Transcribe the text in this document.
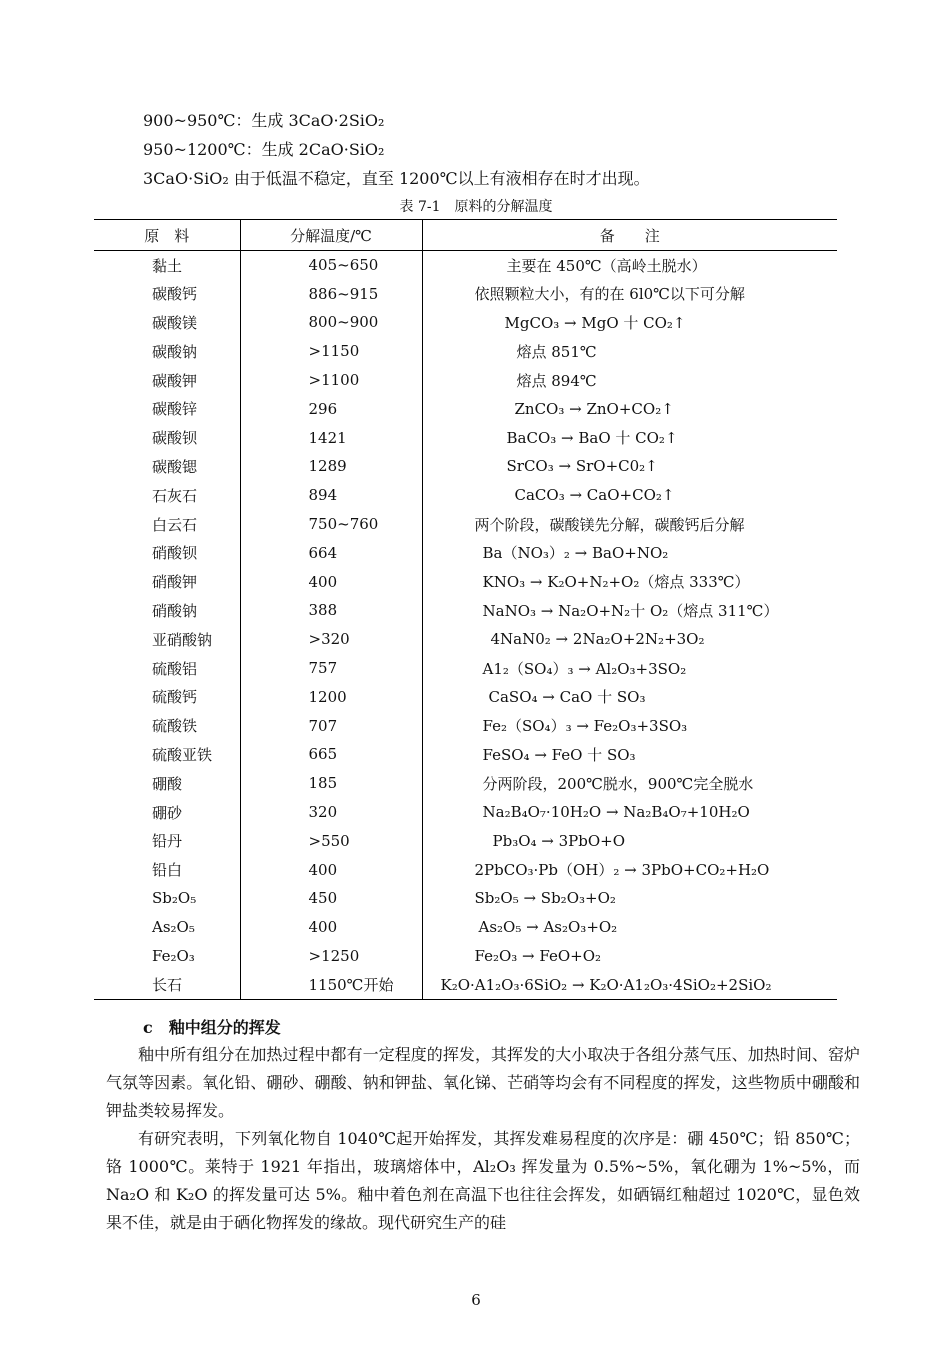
900~950℃：生成 3CaO·2SiO₂
950~1200℃：生成 2CaO·SiO₂
3CaO·SiO₂ 由于低温不稳定，直至 1200℃以上有液相存在时才出现。
表 7-1　原料的分解温度
原　料	分解温度/℃	备　　注
黏土	405~650	主要在 450℃（高岭土脱水）
碳酸钙	886~915	依照颗粒大小，有的在 6l0℃以下可分解
碳酸镁	800~900	MgCO₃ → MgO 十 CO₂↑
碳酸钠	>1150	熔点 851℃
碳酸钾	>1100	熔点 894℃
碳酸锌	296	ZnCO₃ → ZnO+CO₂↑
碳酸钡	1421	BaCO₃ → BaO 十 CO₂↑
碳酸锶	1289	SrCO₃ → SrO+C0₂↑
石灰石	894	CaCO₃ → CaO+CO₂↑
白云石	750~760	两个阶段，碳酸镁先分解，碳酸钙后分解
硝酸钡	664	Ba（NO₃）₂ → BaO+NO₂
硝酸钾	400	KNO₃ → K₂O+N₂+O₂（熔点 333℃）
硝酸钠	388	NaNO₃ → Na₂O+N₂十 O₂（熔点 311℃）
亚硝酸钠	>320	4NaN0₂ → 2Na₂O+2N₂+3O₂
硫酸铝	757	A1₂（SO₄）₃ → Al₂O₃+3SO₂
硫酸钙	1200	CaSO₄ → CaO 十 SO₃
硫酸铁	707	Fe₂（SO₄）₃ → Fe₂O₃+3SO₃
硫酸亚铁	665	FeSO₄ → FeO 十 SO₃
硼酸	185	分两阶段，200℃脱水，900℃完全脱水
硼砂	320	Na₂B₄O₇·10H₂O → Na₂B₄O₇+10H₂O
铅丹	>550	Pb₃O₄ → 3PbO+O
铅白	400	2PbCO₃·Pb（OH）₂ → 3PbO+CO₂+H₂O
Sb₂O₅	450	Sb₂O₅ → Sb₂O₃+O₂
As₂O₅	400	As₂O₅ → As₂O₃+O₂
Fe₂O₃	>1250	Fe₂O₃ → FeO+O₂
长石	1150℃开始	K₂O·A1₂O₃·6SiO₂ → K₂O·A1₂O₃·4SiO₂+2SiO₂
c　釉中组分的挥发
釉中所有组分在加热过程中都有一定程度的挥发，其挥发的大小取决于各组分蒸气压、加热时间、窑炉气氛等因素。氧化铅、硼砂、硼酸、钠和钾盐、氧化锑、芒硝等均会有不同程度的挥发，这些物质中硼酸和钾盐类较易挥发。
有研究表明，下列氧化物自 1040℃起开始挥发，其挥发难易程度的次序是：硼 450℃；铅 850℃；铬 1000℃。莱特于 1921 年指出，玻璃熔体中，Al₂O₃ 挥发量为 0.5%~5%，氧化硼为 1%~5%，而 Na₂O 和 K₂O 的挥发量可达 5%。釉中着色剂在高温下也往往会挥发，如硒镉红釉超过 1020℃，显色效果不佳，就是由于硒化物挥发的缘故。现代研究生产的硅
6
